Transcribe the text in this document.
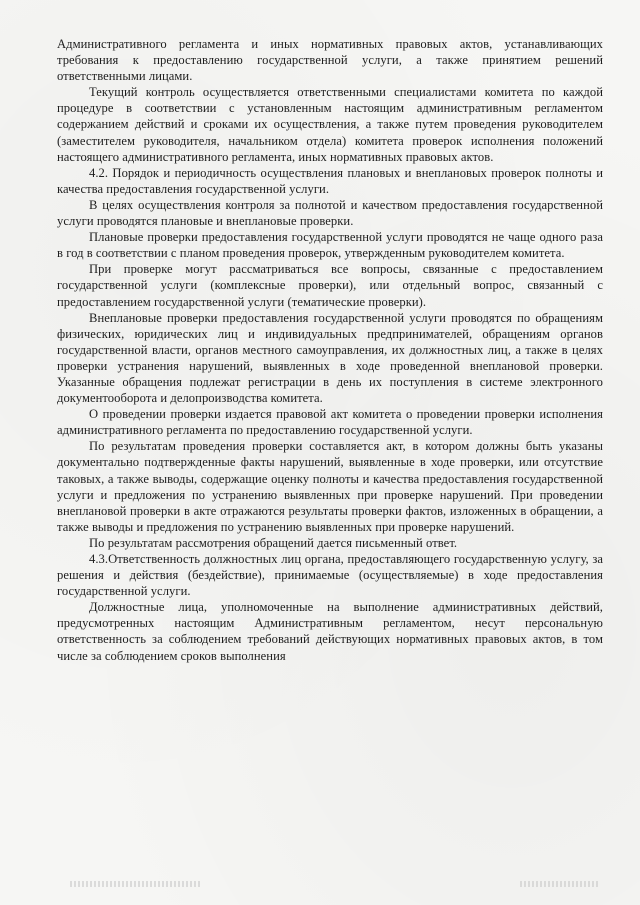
Административного регламента и иных нормативных правовых актов, устанавливающих требования к предоставлению государственной услуги, а также принятием решений ответственными лицами.

Текущий контроль осуществляется ответственными специалистами комитета по каждой процедуре в соответствии с установленным настоящим административным регламентом содержанием действий и сроками их осуществления, а также путем проведения руководителем (заместителем руководителя, начальником отдела) комитета проверок исполнения положений настоящего административного регламента, иных нормативных правовых актов.

4.2. Порядок и периодичность осуществления плановых и внеплановых проверок полноты и качества предоставления государственной услуги.

В целях осуществления контроля за полнотой и качеством предоставления государственной услуги проводятся плановые и внеплановые проверки.

Плановые проверки предоставления государственной услуги проводятся не чаще одного раза в год в соответствии с планом проведения проверок, утвержденным руководителем комитета.

При проверке могут рассматриваться все вопросы, связанные с предоставлением государственной услуги (комплексные проверки), или отдельный вопрос, связанный с предоставлением государственной услуги (тематические проверки).

Внеплановые проверки предоставления государственной услуги проводятся по обращениям физических, юридических лиц и индивидуальных предпринимателей, обращениям органов государственной власти, органов местного самоуправления, их должностных лиц, а также в целях проверки устранения нарушений, выявленных в ходе проведенной внеплановой проверки. Указанные обращения подлежат регистрации в день их поступления в системе электронного документооборота и делопроизводства комитета.

О проведении проверки издается правовой акт комитета о проведении проверки исполнения административного регламента по предоставлению государственной услуги.

По результатам проведения проверки составляется акт, в котором должны быть указаны документально подтвержденные факты нарушений, выявленные в ходе проверки, или отсутствие таковых, а также выводы, содержащие оценку полноты и качества предоставления государственной услуги и предложения по устранению выявленных при проверке нарушений. При проведении внеплановой проверки в акте отражаются результаты проверки фактов, изложенных в обращении, а также выводы и предложения по устранению выявленных при проверке нарушений.

По результатам рассмотрения обращений дается письменный ответ.

4.3.Ответственность должностных лиц органа, предоставляющего государственную услугу, за решения и действия (бездействие), принимаемые (осуществляемые) в ходе предоставления государственной услуги.

Должностные лица, уполномоченные на выполнение административных действий, предусмотренных настоящим Административным регламентом, несут персональную ответственность за соблюдением требований действующих нормативных правовых актов, в том числе за соблюдением сроков выполнения
